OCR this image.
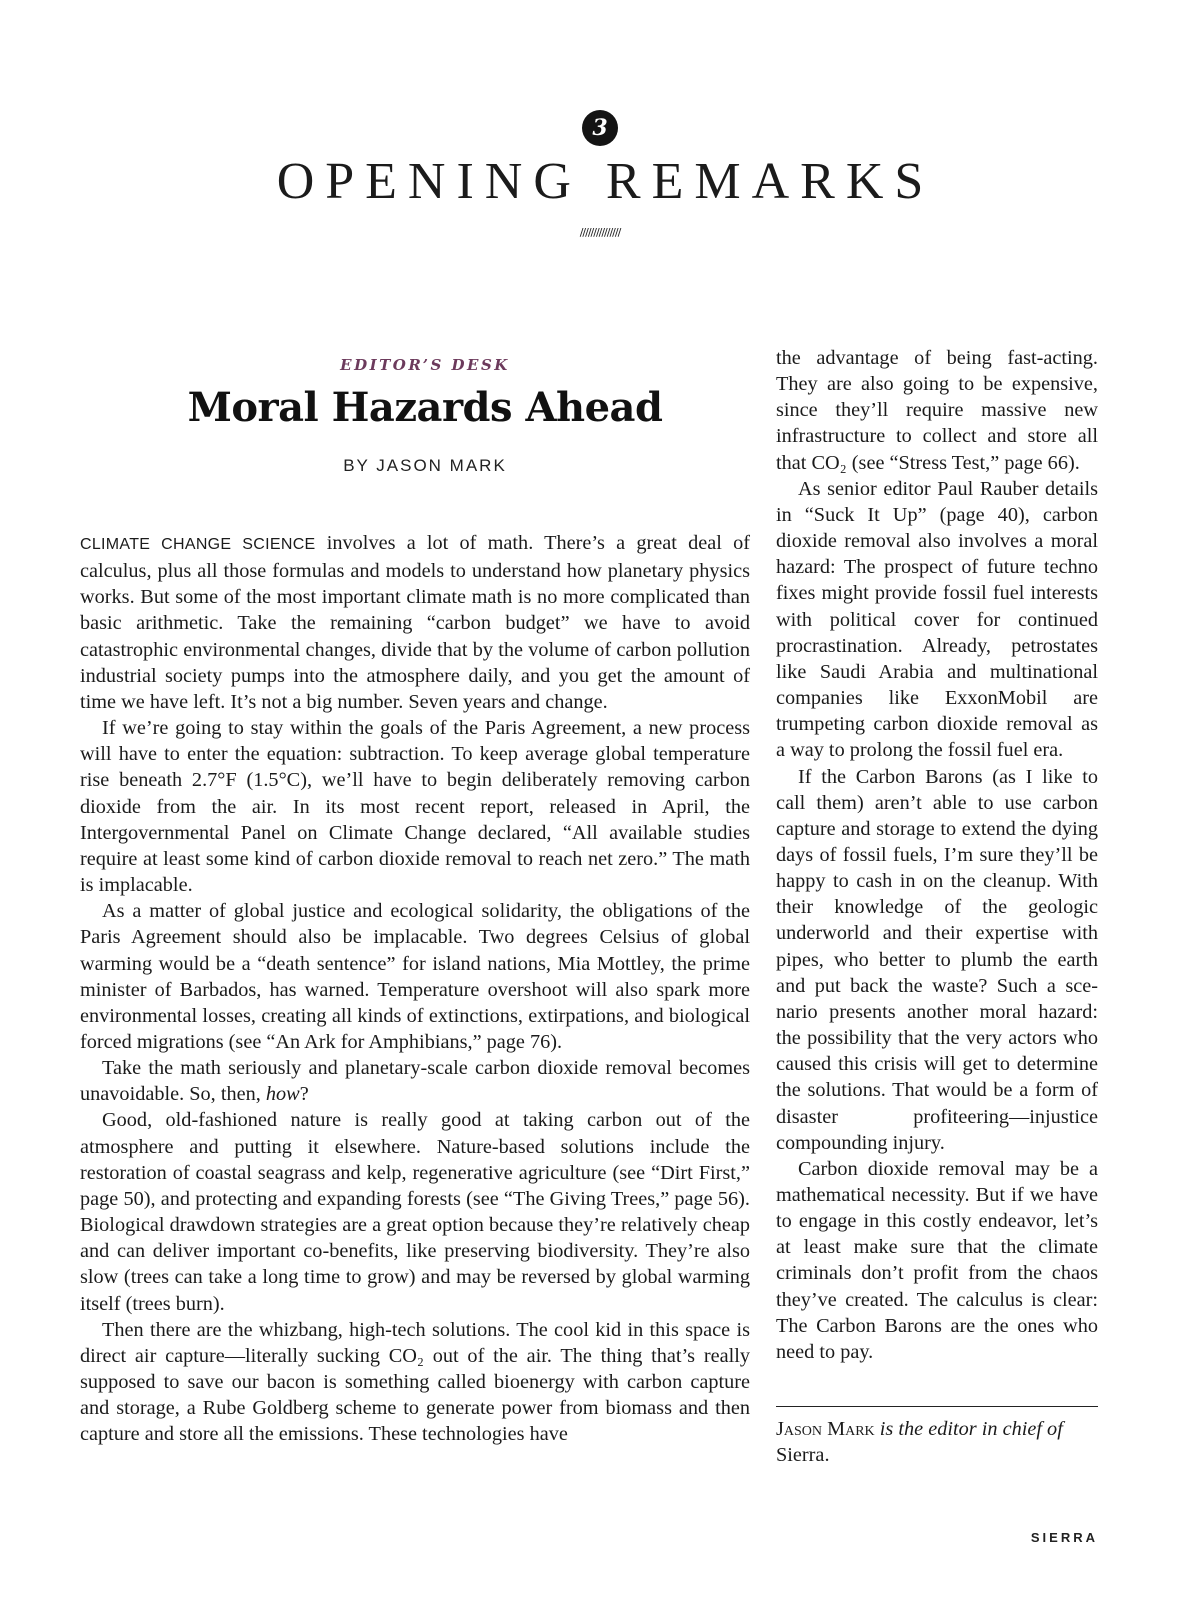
3
OPENING REMARKS
///////////////
EDITOR’S DESK
Moral Hazards Ahead
BY JASON MARK

CLIMATE CHANGE SCIENCE involves a lot of math. There’s a great deal of calculus, plus all those formulas and models to understand how planetary physics works. But some of the most important climate math is no more complicated than basic arithmetic. Take the remaining “carbon budget” we have to avoid catastrophic environmental changes, divide that by the volume of carbon pollution industrial society pumps into the atmosphere daily, and you get the amount of time we have left. It’s not a big number. Seven years and change.

If we’re going to stay within the goals of the Paris Agreement, a new process will have to enter the equation: subtraction. To keep average global temperature rise beneath 2.7°F (1.5°C), we’ll have to begin deliberately removing carbon dioxide from the air. In its most recent report, released in April, the Intergovernmental Panel on Climate Change declared, “All available studies require at least some kind of carbon dioxide removal to reach net zero.” The math is implacable.

As a matter of global justice and ecological solidarity, the obligations of the Paris Agreement should also be implacable. Two degrees Celsius of global warming would be a “death sentence” for island nations, Mia Mottley, the prime minister of Barbados, has warned. Temperature overshoot will also spark more environmental losses, creating all kinds of extinctions, extirpations, and biological forced migrations (see “An Ark for Amphibians,” page 76).

Take the math seriously and planetary-scale carbon dioxide removal becomes unavoidable. So, then, how?

Good, old-fashioned nature is really good at taking carbon out of the atmosphere and putting it elsewhere. Nature-based solutions include the restoration of coastal seagrass and kelp, regenerative agriculture (see “Dirt First,” page 50), and protecting and expanding forests (see “The Giving Trees,” page 56). Biological drawdown strategies are a great option because they’re relatively cheap and can deliver important co-benefits, like preserving biodiversity. They’re also slow (trees can take a long time to grow) and may be reversed by global warming itself (trees burn).

Then there are the whizbang, high-tech solutions. The cool kid in this space is direct air capture—literally sucking CO₂ out of the air. The thing that’s really supposed to save our bacon is something called bioenergy with carbon capture and storage, a Rube Goldberg scheme to generate power from biomass and then capture and store all the emissions. These technologies have

the advantage of being fast-acting. They are also going to be expensive, since they’ll require massive new infrastructure to collect and store all that CO₂ (see “Stress Test,” page 66).

As senior editor Paul Rauber details in “Suck It Up” (page 40), carbon dioxide removal also involves a moral hazard: The prospect of future techno fixes might provide fossil fuel interests with political cover for continued procrastination. Already, petrostates like Saudi Arabia and multinational companies like ExxonMobil are trumpeting carbon dioxide removal as a way to prolong the fossil fuel era.

If the Carbon Barons (as I like to call them) aren’t able to use carbon capture and storage to extend the dying days of fossil fuels, I’m sure they’ll be happy to cash in on the cleanup. With their knowledge of the geologic underworld and their expertise with pipes, who better to plumb the earth and put back the waste? Such a scenario presents another moral hazard: the possibility that the very actors who caused this crisis will get to determine the solutions. That would be a form of disaster profiteering—injustice compounding injury.

Carbon dioxide removal may be a mathematical necessity. But if we have to engage in this costly endeavor, let’s at least make sure that the climate criminals don’t profit from the chaos they’ve created. The calculus is clear: The Carbon Barons are the ones who need to pay.

Jason Mark is the editor in chief of Sierra.
SIERRA
